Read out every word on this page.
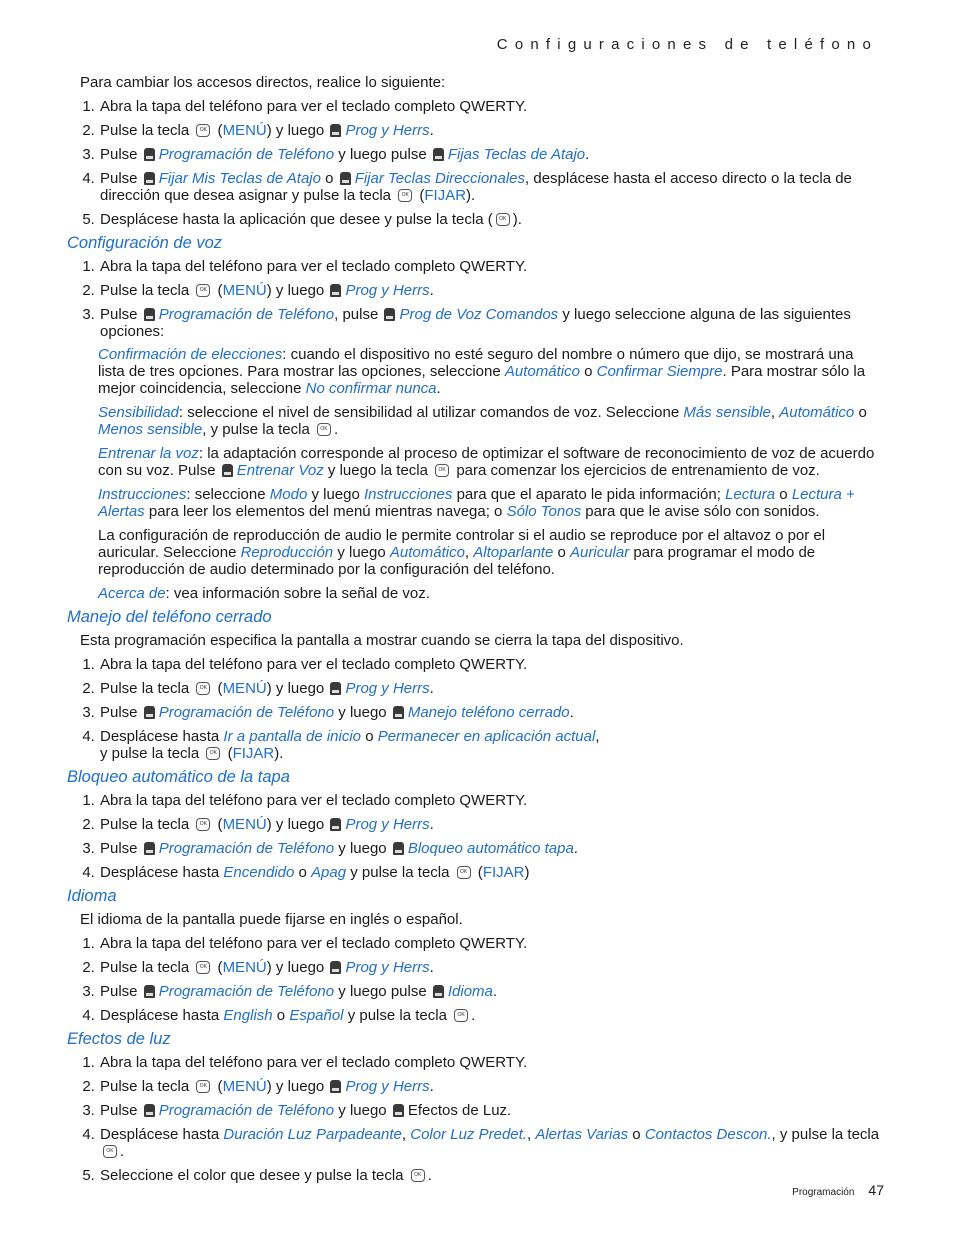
Configuraciones de teléfono

Para cambiar los accesos directos, realice lo siguiente:

1. Abra la tapa del teléfono para ver el teclado completo QWERTY.
2. Pulse la tecla OK (MENÚ) y luego Prog y Herrs.
3. Pulse Programación de Teléfono y luego pulse Fijas Teclas de Atajo.
4. Pulse Fijar Mis Teclas de Atajo o Fijar Teclas Direccionales, desplácese hasta el acceso directo o la tecla de dirección que desea asignar y pulse la tecla OK (FIJAR).
5. Desplácese hasta la aplicación que desee y pulse la tecla ( OK ).
Configuración de voz
1. Abra la tapa del teléfono para ver el teclado completo QWERTY.
2. Pulse la tecla OK (MENÚ) y luego Prog y Herrs.
3. Pulse Programación de Teléfono, pulse Prog de Voz Comandos y luego seleccione alguna de las siguientes opciones:

Confirmación de elecciones: cuando el dispositivo no esté seguro del nombre o número que dijo, se mostrará una lista de tres opciones. Para mostrar las opciones, seleccione Automático o Confirmar Siempre. Para mostrar sólo la mejor coincidencia, seleccione No confirmar nunca.

Sensibilidad: seleccione el nivel de sensibilidad al utilizar comandos de voz. Seleccione Más sensible, Automático o Menos sensible, y pulse la tecla OK .

Entrenar la voz: la adaptación corresponde al proceso de optimizar el software de reconocimiento de voz de acuerdo con su voz. Pulse Entrenar Voz y luego la tecla OK para comenzar los ejercicios de entrenamiento de voz.

Instrucciones: seleccione Modo y luego Instrucciones para que el aparato le pida información; Lectura o Lectura + Alertas para leer los elementos del menú mientras navega; o Sólo Tonos para que le avise sólo con sonidos.

La configuración de reproducción de audio le permite controlar si el audio se reproduce por el altavoz o por el auricular. Seleccione Reproducción y luego Automático, Altoparlante o Auricular para programar el modo de reproducción de audio determinado por la configuración del teléfono.

Acerca de: vea información sobre la señal de voz.

Manejo del teléfono cerrado

Esta programación especifica la pantalla a mostrar cuando se cierra la tapa del dispositivo.

1. Abra la tapa del teléfono para ver el teclado completo QWERTY.
2. Pulse la tecla OK (MENÚ) y luego Prog y Herrs.
3. Pulse Programación de Teléfono y luego Manejo teléfono cerrado.
4. Desplácese hasta Ir a pantalla de inicio o Permanecer en aplicación actual,
y pulse la tecla OK (FIJAR).
Bloqueo automático de la tapa
1. Abra la tapa del teléfono para ver el teclado completo QWERTY.
2. Pulse la tecla OK (MENÚ) y luego Prog y Herrs.
3. Pulse Programación de Teléfono y luego Bloqueo automático tapa.
4. Desplácese hasta Encendido o Apag y pulse la tecla OK (FIJAR)
Idioma

El idioma de la pantalla puede fijarse en inglés o español.

1. Abra la tapa del teléfono para ver el teclado completo QWERTY.
2. Pulse la tecla OK (MENÚ) y luego Prog y Herrs.
3. Pulse Programación de Teléfono y luego pulse Idioma.
4. Desplácese hasta English o Español y pulse la tecla OK .
Efectos de luz
1. Abra la tapa del teléfono para ver el teclado completo QWERTY.
2. Pulse la tecla OK (MENÚ) y luego Prog y Herrs.
3. Pulse Programación de Teléfono y luego Efectos de Luz.
4. Desplácese hasta Duración Luz Parpadeante, Color Luz Predet., Alertas Varias o Contactos Descon., y pulse la tecla OK .
5. Seleccione el color que desee y pulse la tecla OK .
Programación 47
